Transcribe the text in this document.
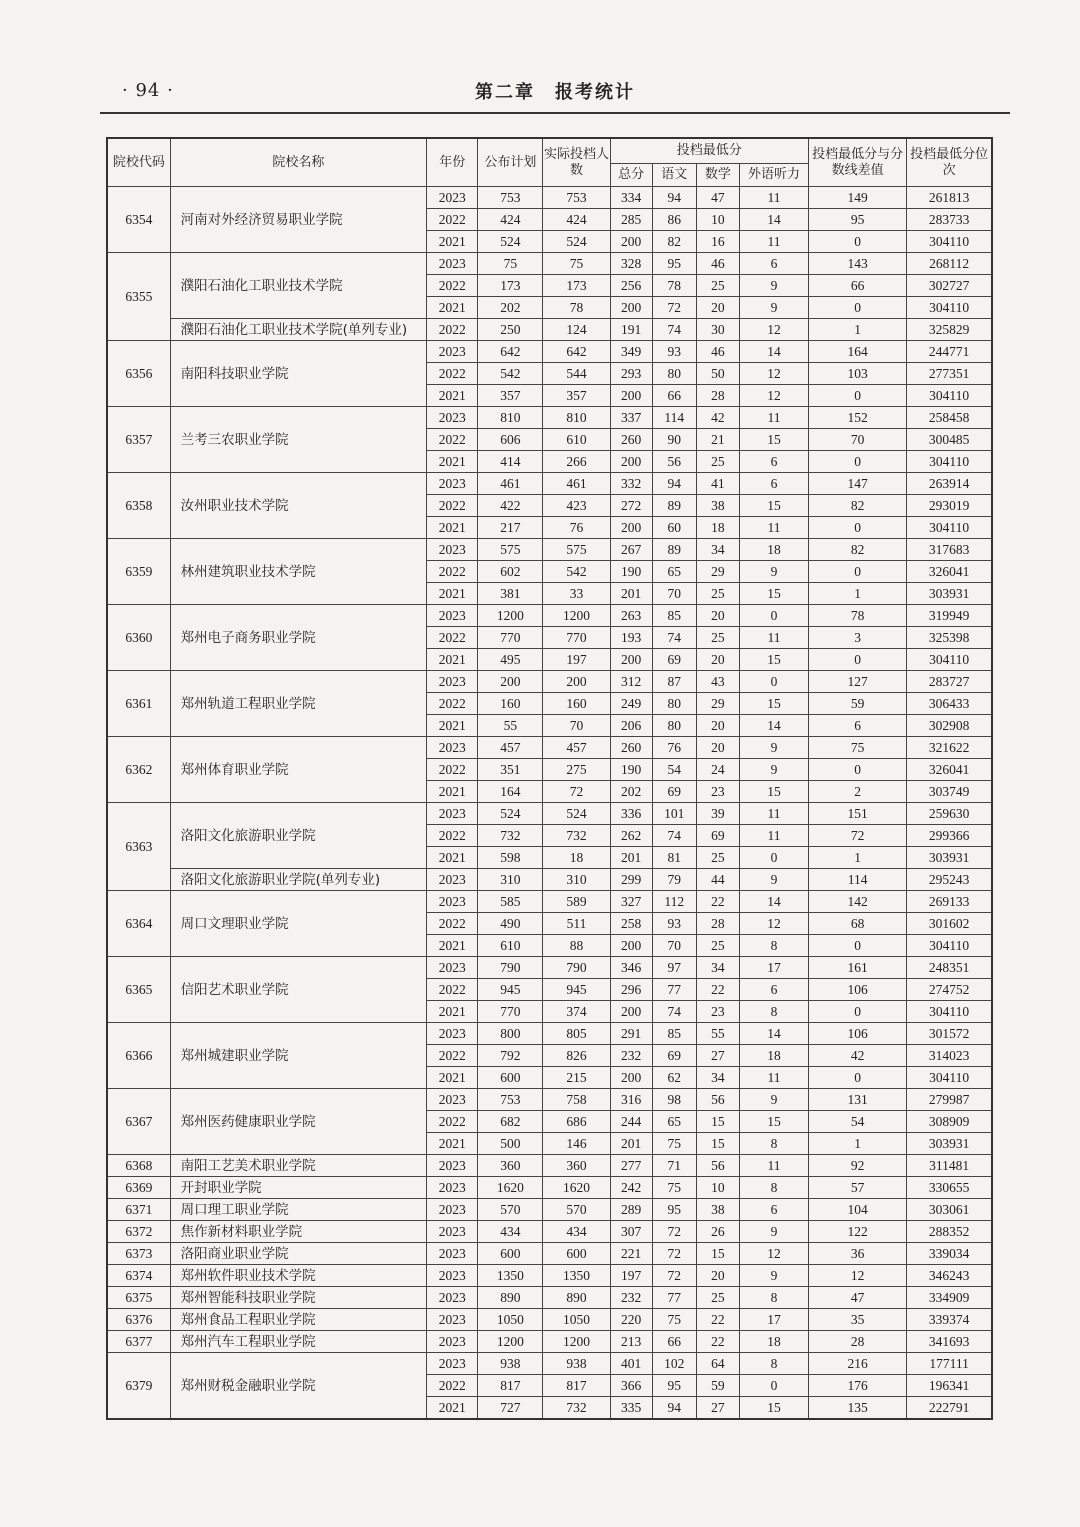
· 94 ·	第二章　报考统计
院校代码	院校名称	年份	公布计划	实际投档人数	投档最低分				投档最低分与分数线差值	投档最低分位次
					总分	语文	数学	外语听力		
6354	河南对外经济贸易职业学院	2023	753	753	334	94	47	11	149	261813
		2022	424	424	285	86	10	14	95	283733
		2021	524	524	200	82	16	11	0	304110
6355	濮阳石油化工职业技术学院	2023	75	75	328	95	46	6	143	268112
		2022	173	173	256	78	25	9	66	302727
		2021	202	78	200	72	20	9	0	304110
	濮阳石油化工职业技术学院(单列专业)	2022	250	124	191	74	30	12	1	325829
6356	南阳科技职业学院	2023	642	642	349	93	46	14	164	244771
		2022	542	544	293	80	50	12	103	277351
		2021	357	357	200	66	28	12	0	304110
6357	兰考三农职业学院	2023	810	810	337	114	42	11	152	258458
		2022	606	610	260	90	21	15	70	300485
		2021	414	266	200	56	25	6	0	304110
6358	汝州职业技术学院	2023	461	461	332	94	41	6	147	263914
		2022	422	423	272	89	38	15	82	293019
		2021	217	76	200	60	18	11	0	304110
6359	林州建筑职业技术学院	2023	575	575	267	89	34	18	82	317683
		2022	602	542	190	65	29	9	0	326041
		2021	381	33	201	70	25	15	1	303931
6360	郑州电子商务职业学院	2023	1200	1200	263	85	20	0	78	319949
		2022	770	770	193	74	25	11	3	325398
		2021	495	197	200	69	20	15	0	304110
6361	郑州轨道工程职业学院	2023	200	200	312	87	43	0	127	283727
		2022	160	160	249	80	29	15	59	306433
		2021	55	70	206	80	20	14	6	302908
6362	郑州体育职业学院	2023	457	457	260	76	20	9	75	321622
		2022	351	275	190	54	24	9	0	326041
		2021	164	72	202	69	23	15	2	303749
6363	洛阳文化旅游职业学院	2023	524	524	336	101	39	11	151	259630
		2022	732	732	262	74	69	11	72	299366
		2021	598	18	201	81	25	0	1	303931
	洛阳文化旅游职业学院(单列专业)	2023	310	310	299	79	44	9	114	295243
6364	周口文理职业学院	2023	585	589	327	112	22	14	142	269133
		2022	490	511	258	93	28	12	68	301602
		2021	610	88	200	70	25	8	0	304110
6365	信阳艺术职业学院	2023	790	790	346	97	34	17	161	248351
		2022	945	945	296	77	22	6	106	274752
		2021	770	374	200	74	23	8	0	304110
6366	郑州城建职业学院	2023	800	805	291	85	55	14	106	301572
		2022	792	826	232	69	27	18	42	314023
		2021	600	215	200	62	34	11	0	304110
6367	郑州医药健康职业学院	2023	753	758	316	98	56	9	131	279987
		2022	682	686	244	65	15	15	54	308909
		2021	500	146	201	75	15	8	1	303931
6368	南阳工艺美术职业学院	2023	360	360	277	71	56	11	92	311481
6369	开封职业学院	2023	1620	1620	242	75	10	8	57	330655
6371	周口理工职业学院	2023	570	570	289	95	38	6	104	303061
6372	焦作新材料职业学院	2023	434	434	307	72	26	9	122	288352
6373	洛阳商业职业学院	2023	600	600	221	72	15	12	36	339034
6374	郑州软件职业技术学院	2023	1350	1350	197	72	20	9	12	346243
6375	郑州智能科技职业学院	2023	890	890	232	77	25	8	47	334909
6376	郑州食品工程职业学院	2023	1050	1050	220	75	22	17	35	339374
6377	郑州汽车工程职业学院	2023	1200	1200	213	66	22	18	28	341693
6379	郑州财税金融职业学院	2023	938	938	401	102	64	8	216	177111
		2022	817	817	366	95	59	0	176	196341
		2021	727	732	335	94	27	15	135	222791
